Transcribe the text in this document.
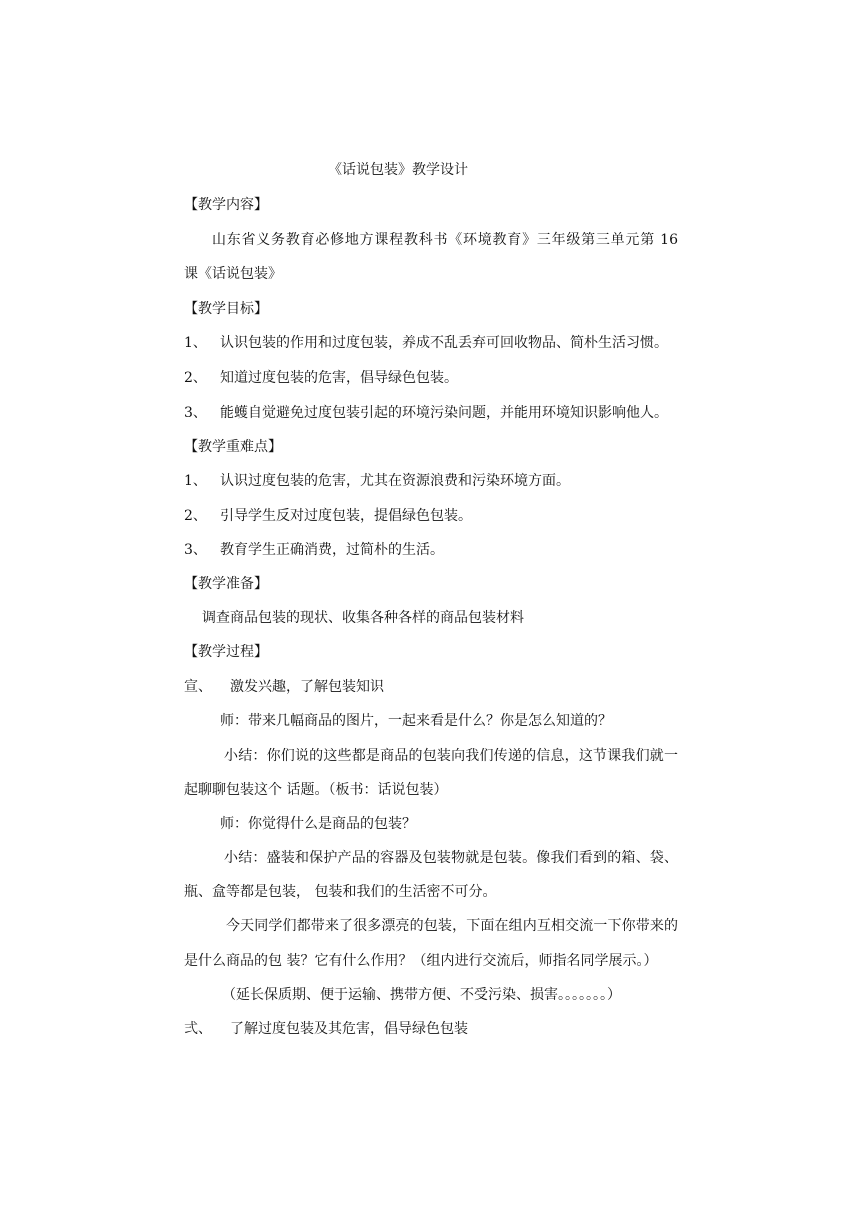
《话说包装》教学设计
【教学内容】
山东省义务教育必修地方课程教科书《环境教育》三年级第三单元第 16
课《话说包装》
【教学目标】
1、 认识包装的作用和过度包装，养成不乱丢弃可回收物品、简朴生活习惯。
2、 知道过度包装的危害，倡导绿色包装。
3、 能蠖自觉避免过度包装引起的环境污染问题，并能用环境知识影响他人。
【教学重难点】
1、 认识过度包装的危害，尤其在资源浪费和污染环境方面。
2、 引导学生反对过度包装，提倡绿色包装。
3、 教育学生正确消费，过简朴的生活。
【教学准备】
调查商品包装的现状、收集各种各样的商品包装材料
【教学过程】
宣、 激发兴趣，了解包装知识
师：带来几幅商品的图片，一起来看是什么？你是怎么知道的？
小结：你们说的这些都是商品的包装向我们传递的信息，这节课我们就一
起聊聊包装这个 话题。（板书：话说包装）
师：你觉得什么是商品的包装？
小结：盛装和保护产品的容器及包装物就是包装。像我们看到的箱、袋、
瓶、盒等都是包装， 包装和我们的生活密不可分。
今天同学们都带来了很多漂亮的包装，下面在组内互相交流一下你带来的
是什么商品的包 装？它有什么作用？（组内进行交流后，师指名同学展示。）
（延长保质期、便于运输、携带方便、不受污染、损害。。。。。。。）
弍、 了解过度包装及其危害，倡导绿色包装
